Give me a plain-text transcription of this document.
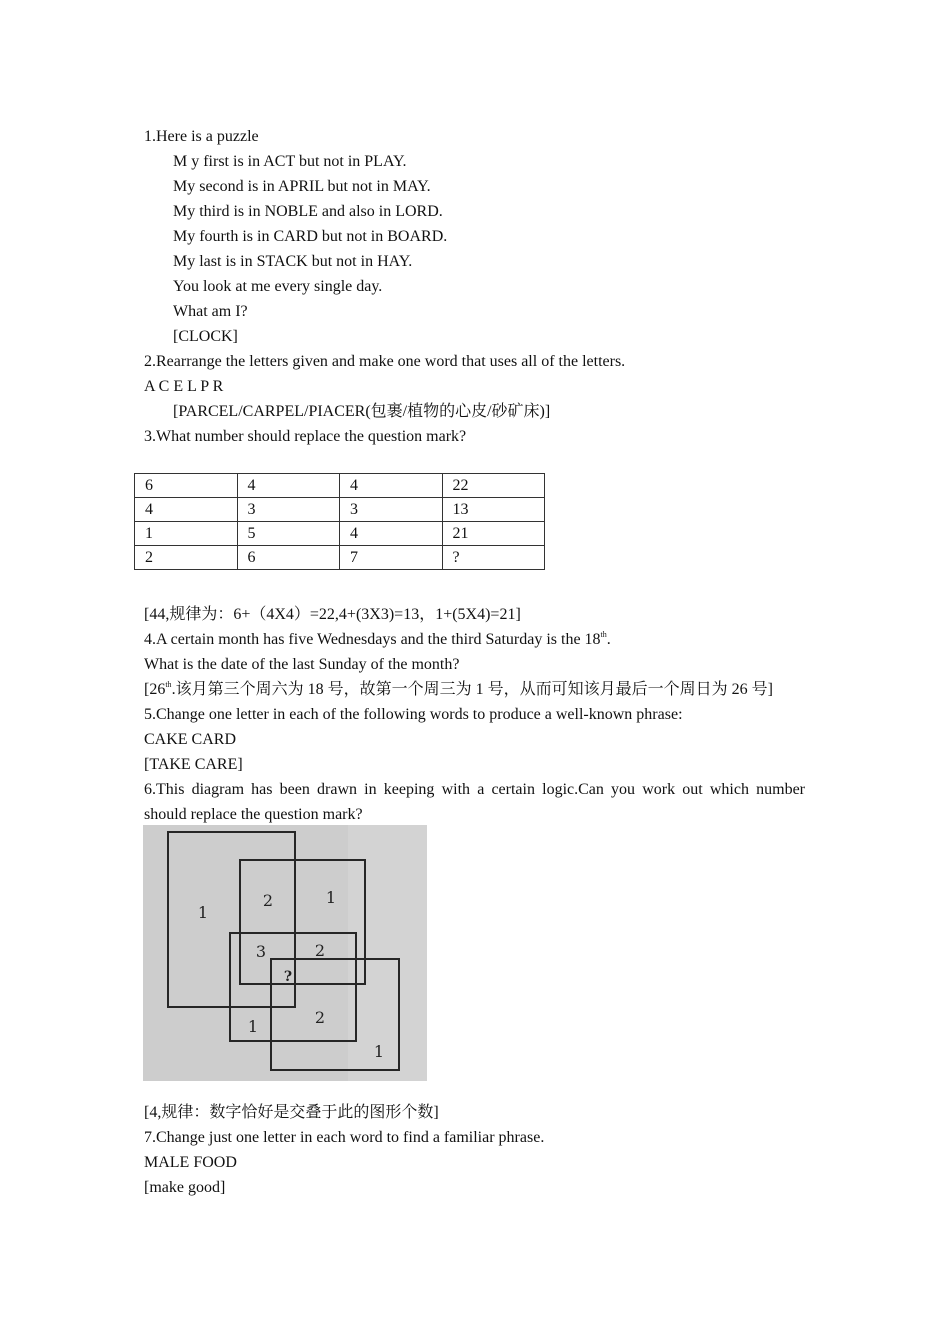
1.Here is a puzzle
M y first is in ACT but not in PLAY.
My second is in APRIL but not in MAY.
My third is in NOBLE and also in LORD.
My fourth is in CARD but not in BOARD.
My last is in STACK but not in HAY.
You look at me every single day.
What am I?
[CLOCK]
2.Rearrange the letters given and make one word that uses all of the letters.
A C E L P R
[PARCEL/CARPEL/PIACER(包裹/植物的心皮/砂矿床)]
3.What number should replace the question mark?
6	4	4	22
4	3	3	13
1	5	4	21
2	6	7	?
[44,规律为：6+（4X4）=22,4+(3X3)=13，1+(5X4)=21]
4.A certain month has five Wednesdays and the third Saturday is the 18th.
What is the date of the last Sunday of the month?
[26th.该月第三个周六为 18 号，故第一个周三为 1 号，从而可知该月最后一个周日为 26 号]
5.Change one letter in each of the following words to produce a well-known phrase:
CAKE CARD
[TAKE CARE]
6.This diagram has been drawn in keeping with a certain logic.Can you work out which number
should replace the question mark?
1
2	1
3	2
?
1	2
1
[4,规律：数字恰好是交叠于此的图形个数]
7.Change just one letter in each word to find a familiar phrase.
MALE FOOD
[make good]
